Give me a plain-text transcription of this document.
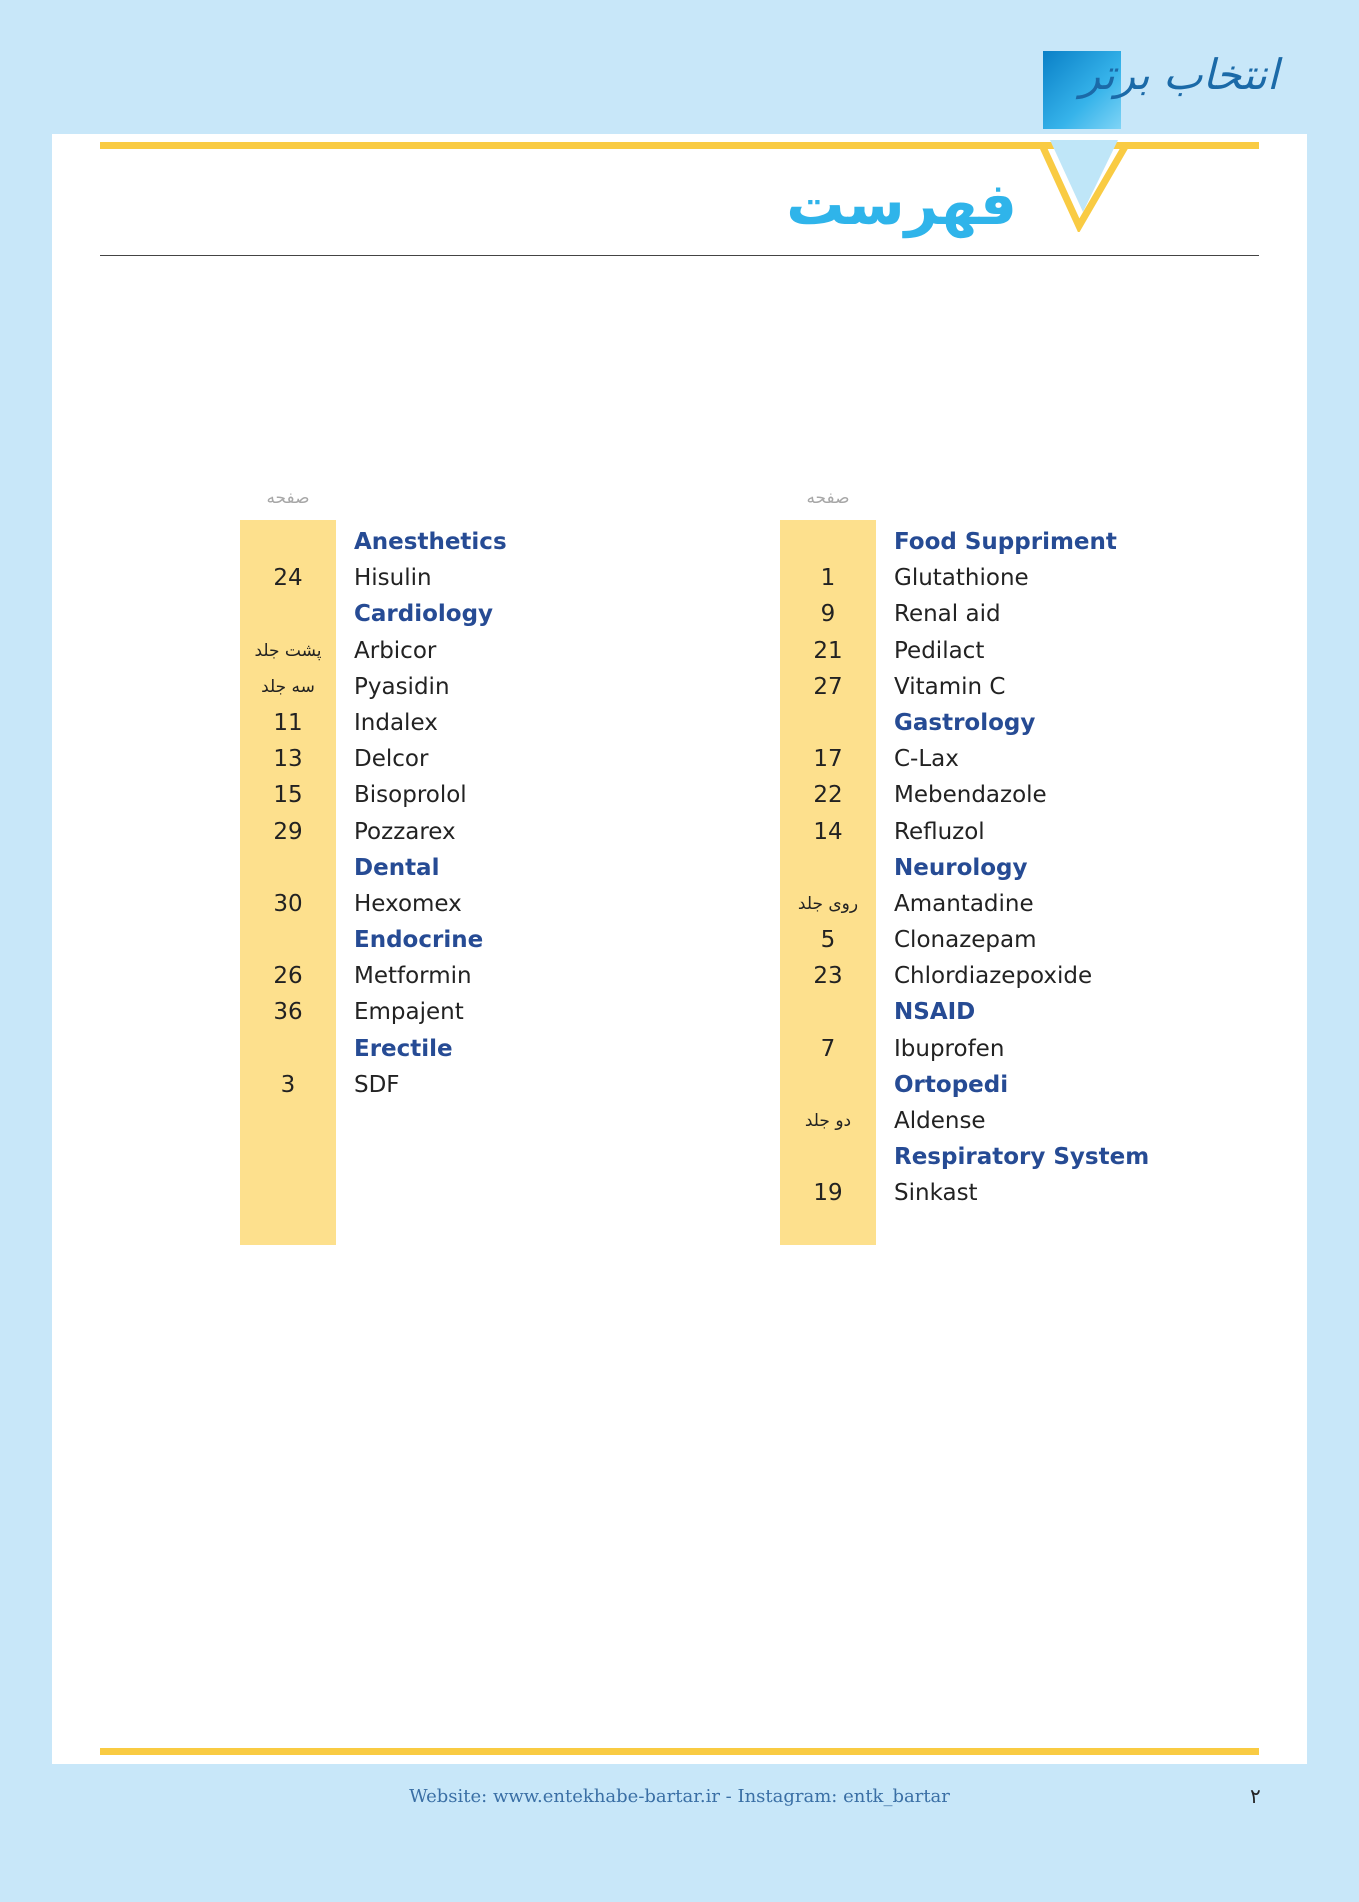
انتخاب برتر
فهرست
صفحه
Food Suppriment
1	Glutathione
9	Renal aid
21	Pedilact
27	Vitamin C
Gastrology
17	C-Lax
22	Mebendazole
14	Refluzol
Neurology
روی جلد	Amantadine
5	Clonazepam
23	Chlordiazepoxide
NSAID
7	Ibuprofen
Ortopedi
دو جلد	Aldense
Respiratory System
19	Sinkast
صفحه
Anesthetics
24	Hisulin
Cardiology
پشت جلد	Arbicor
سه جلد	Pyasidin
11	Indalex
13	Delcor
15	Bisoprolol
29	Pozzarex
Dental
30	Hexomex
Endocrine
26	Metformin
36	Empajent
Erectile
3	SDF
Website: www.entekhabe-bartar.ir - Instagram: entk_bartar	۲
